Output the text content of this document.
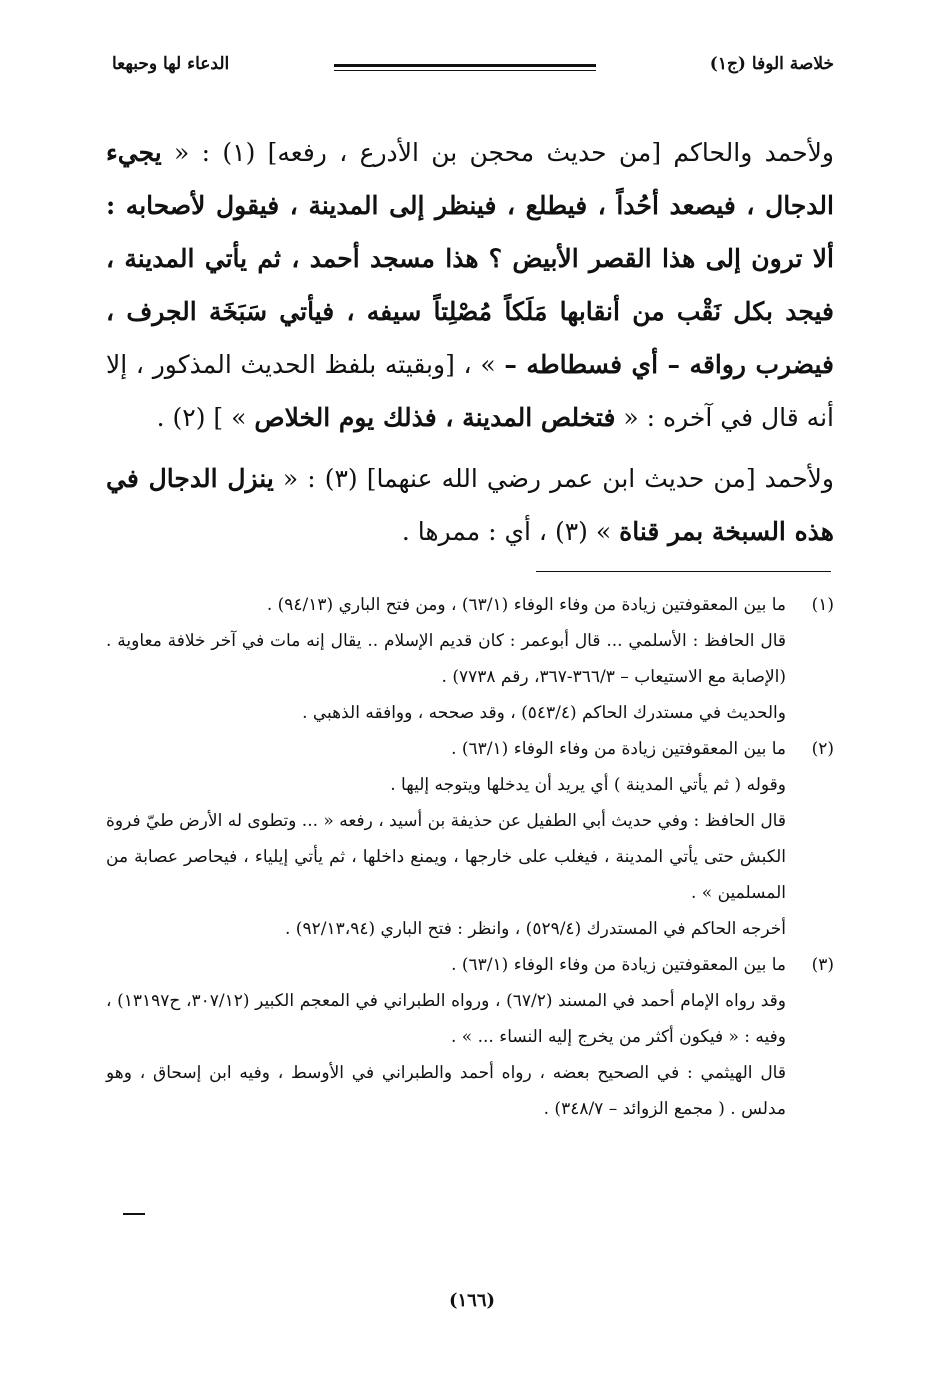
خلاصة الوفا (ج١)
الدعاء لها وحبهعا

ولأحمد والحاكم [من حديث محجن بن الأدرع ، رفعه] (١) : « يجيء الدجال ، فيصعد أحُداً ، فيطلع ، فينظر إلى المدينة ، فيقول لأصحابه : ألا ترون إلى هذا القصر الأبيض ؟ هذا مسجد أحمد ، ثم يأتي المدينة ، فيجد بكل نَقْب من أنقابها مَلَكاً مُصْلِتاً سيفه ، فيأتي سَبَخَة الجرف ، فيضرب رواقه – أي فسطاطه – » ، [وبقيته بلفظ الحديث المذكور ، إلا أنه قال في آخره : « فتخلص المدينة ، فذلك يوم الخلاص » ] (٢) .

ولأحمد [من حديث ابن عمر رضي الله عنهما] (٣) : « ينزل الدجال في هذه السبخة بمر قناة » (٣) ، أي : ممرها .

(١)

ما بين المعقوفتين زيادة من وفاء الوفاء (٦٣/١) ، ومن فتح الباري (٩٤/١٣) .

قال الحافظ : الأسلمي ... قال أبوعمر : كان قديم الإسلام .. يقال إنه مات في آخر خلافة معاوية . (الإصابة مع الاستيعاب – ٣٦٦/٣-٣٦٧، رقم ٧٧٣٨) .

والحديث في مستدرك الحاكم (٥٤٣/٤) ، وقد صححه ، ووافقه الذهبي .

(٢)

ما بين المعقوفتين زيادة من وفاء الوفاء (٦٣/١) .

وقوله ( ثم يأتي المدينة ) أي يريد أن يدخلها ويتوجه إليها .

قال الحافظ : وفي حديث أبي الطفيل عن حذيفة بن أسيد ، رفعه « ... وتطوى له الأرض طيّ فروة الكبش حتى يأتي المدينة ، فيغلب على خارجها ، ويمنع داخلها ، ثم يأتي إيلياء ، فيحاصر عصابة من المسلمين » .

أخرجه الحاكم في المستدرك (٥٢٩/٤) ، وانظر : فتح الباري (٩٢/١٣،٩٤) .

(٣)

ما بين المعقوفتين زيادة من وفاء الوفاء (٦٣/١) .

وقد رواه الإمام أحمد في المسند (٦٧/٢) ، ورواه الطبراني في المعجم الكبير (٣٠٧/١٢، ح١٣١٩٧) ، وفيه : « فيكون أكثر من يخرج إليه النساء ... » .

قال الهيثمي : في الصحيح بعضه ، رواه أحمد والطبراني في الأوسط ، وفيه ابن إسحاق ، وهو مدلس . ( مجمع الزوائد – ٣٤٨/٧) .

(١٦٦)
